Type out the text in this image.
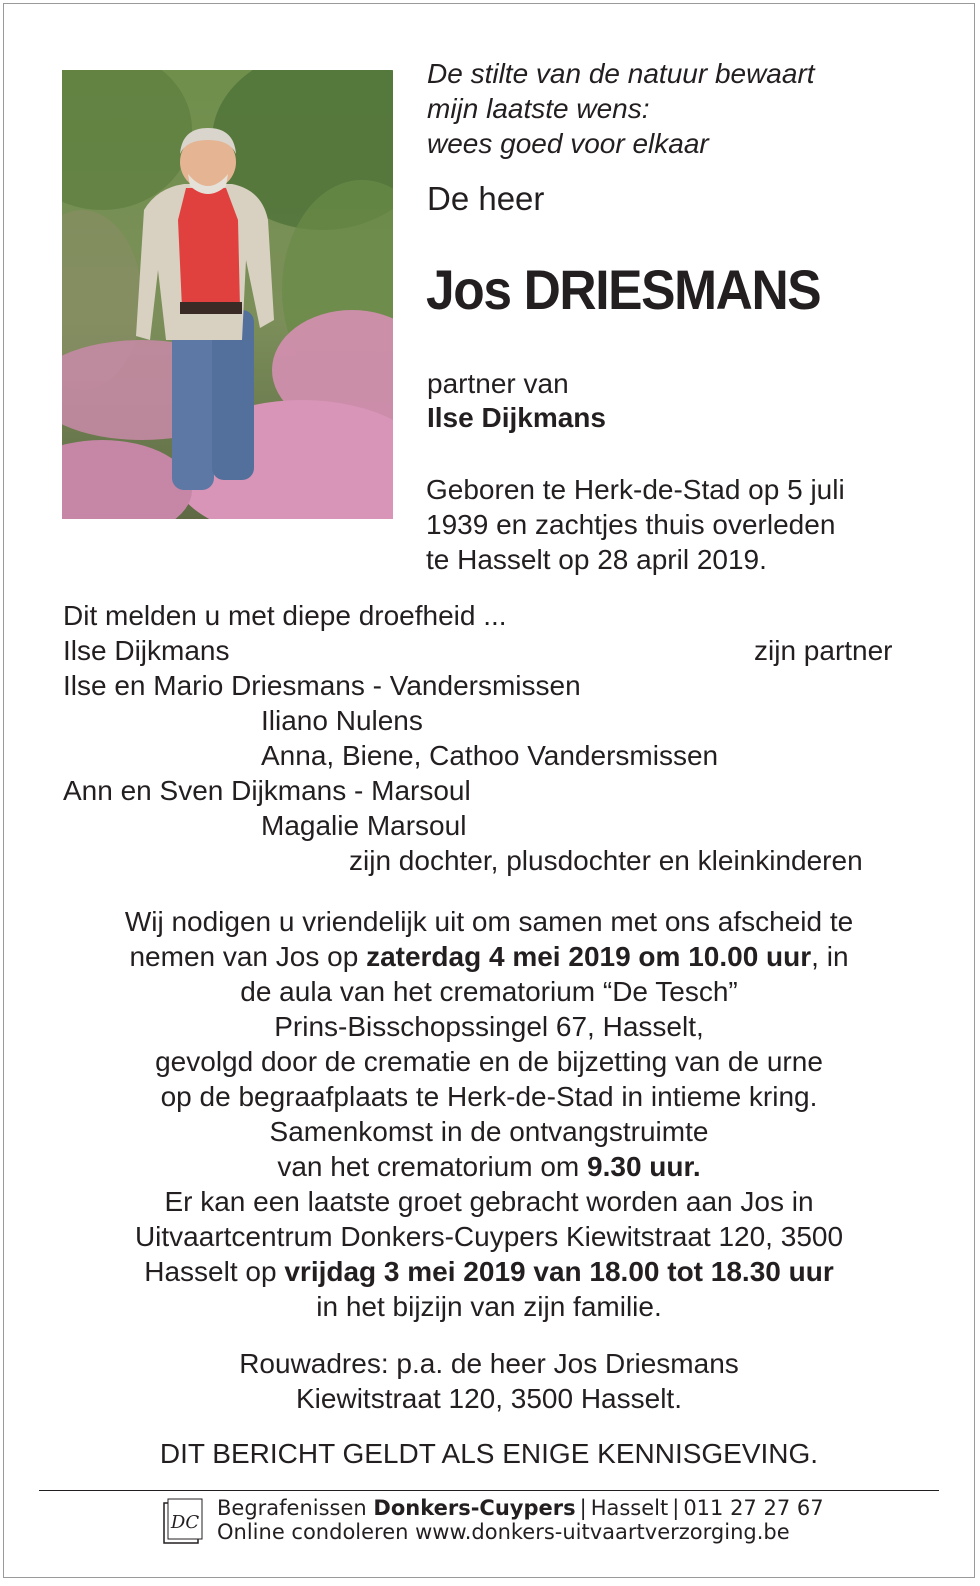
De stilte van de natuur bewaart
mijn laatste wens:
wees goed voor elkaar
De heer
Jos DRIESMANS
partner van
Ilse Dijkmans
Geboren te Herk-de-Stad op 5 juli
1939 en zachtjes thuis overleden
te Hasselt op 28 april 2019.
Dit melden u met diepe droefheid ...
Ilse Dijkmans	zijn partner
Ilse en Mario Driesmans - Vandersmissen
Iliano Nulens
Anna, Biene, Cathoo Vandersmissen
Ann en Sven Dijkmans - Marsoul
Magalie Marsoul
zijn dochter, plusdochter en kleinkinderen
Wij nodigen u vriendelijk uit om samen met ons afscheid te
nemen van Jos op zaterdag 4 mei 2019 om 10.00 uur, in
de aula van het crematorium “De Tesch”
Prins-Bisschopssingel 67, Hasselt,
gevolgd door de crematie en de bijzetting van de urne
op de begraafplaats te Herk-de-Stad in intieme kring.
Samenkomst in de ontvangstruimte
van het crematorium om 9.30 uur.
Er kan een laatste groet gebracht worden aan Jos in
Uitvaartcentrum Donkers-Cuypers Kiewitstraat 120, 3500
Hasselt op vrijdag 3 mei 2019 van 18.00 tot 18.30 uur
in het bijzijn van zijn familie.
Rouwadres: p.a. de heer Jos Driesmans
Kiewitstraat 120, 3500 Hasselt.
DIT BERICHT GELDT ALS ENIGE KENNISGEVING.
DC
Begrafenissen Donkers-Cuypers | Hasselt | 011 27 27 67
Online condoleren www.donkers-uitvaartverzorging.be
